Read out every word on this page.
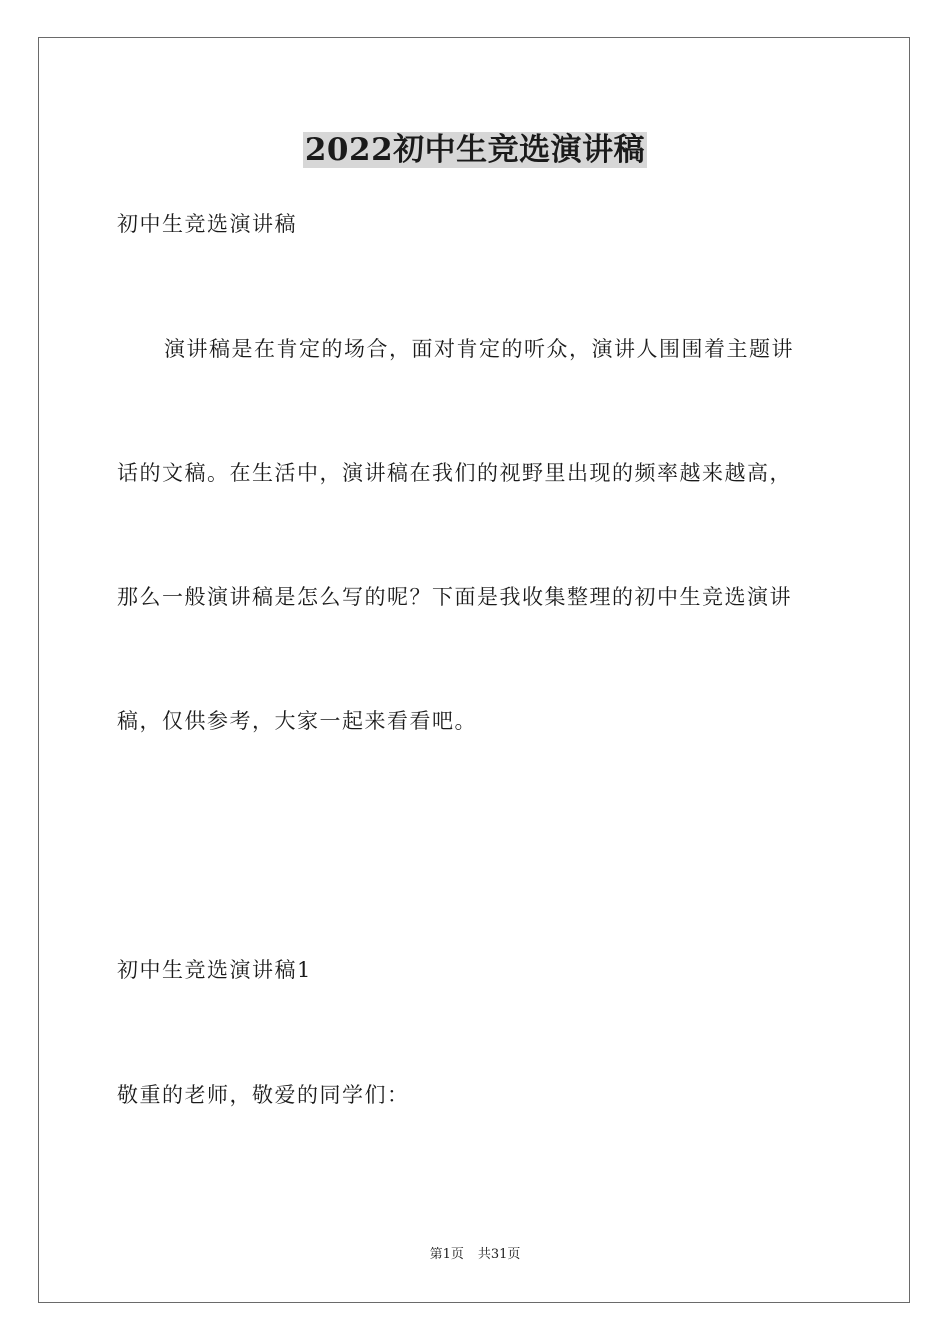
2022初中生竞选演讲稿
初中生竞选演讲稿
演讲稿是在肯定的场合，面对肯定的听众，演讲人围围着主题讲
话的文稿。在生活中，演讲稿在我们的视野里出现的频率越来越高，
那么一般演讲稿是怎么写的呢？下面是我收集整理的初中生竞选演讲
稿，仅供参考，大家一起来看看吧。
初中生竞选演讲稿1
敬重的老师，敬爱的同学们：
第1页 共31页
